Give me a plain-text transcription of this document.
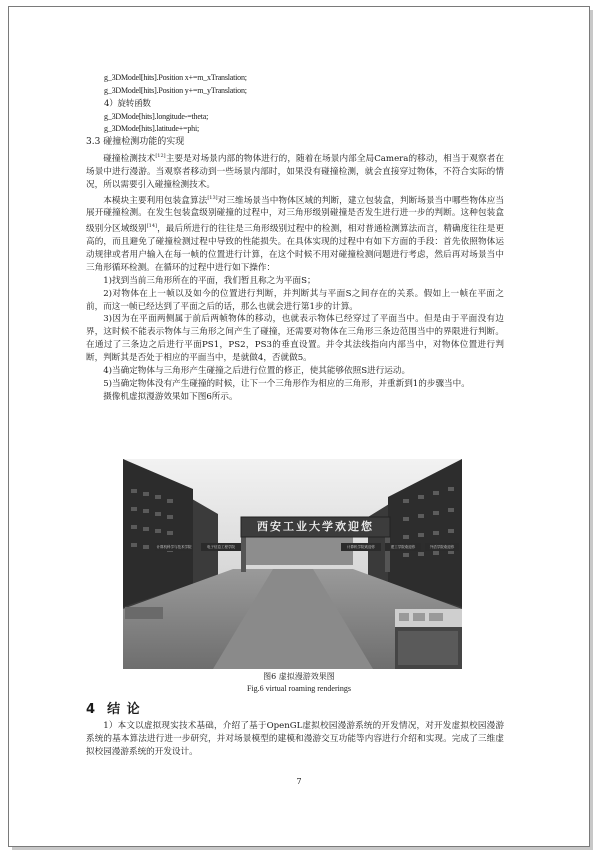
g_3DModel[hits].Position x+=m_xTranslation;
g_3DModel[hits].Position y+=m_yTranslation;
4）旋转函数
g_3DMode[hits].longitude-=theta;
g_3DMode[hits].latitude+=phi;
3.3 碰撞检测功能的实现

碰撞检测技术[12]主要是对场景内部的物体进行的，随着在场景内部全局Camera的移动，相当于观察者在场景中进行漫游。当观察者移动到一些场景内部时，如果没有碰撞检测，就会直接穿过物体，不符合实际的情况，所以需要引入碰撞检测技术。

本模块主要利用包装盒算法[13]对三维场景当中物体区域的判断，建立包装盒，判断场景当中哪些物体应当展开碰撞检测。在发生包装盒级别碰撞的过程中，对三角形级别碰撞是否发生进行进一步的判断。这种包装盒级别分区域级别[14]，最后所进行的往往是三角形级别过程中的检测，相对普通检测算法而言，精确度往往是更高的，而且避免了碰撞检测过程中导致的性能损失。在具体实现的过程中有如下方面的手段：首先依照物体运动规律或者用户输入在每一帧的位置进行计算，在这个时候不用对碰撞检测问题进行考虑，然后再对场景当中三角形循环检测。在循环的过程中进行如下操作：

1)找到当前三角形所在的平面，我们暂且称之为平面S；

2)对物体在上一帧以及如今的位置进行判断，并判断其与平面S之间存在的关系。假如上一帧在平面之前，而这一帧已经达到了平面之后的话，那么也就会进行第1步的计算。

3)因为在平面两侧属于前后两帧物体的移动，也就表示物体已经穿过了平面当中。但是由于平面没有边界，这时候不能表示物体与三角形之间产生了碰撞，还需要对物体在三角形三条边范围当中的界限进行判断。在通过了三条边之后进行平面PS1，PS2，PS3的垂直设置。并令其法线指向内部当中，对物体位置进行判断，判断其是否处于相应的平面当中，是就做4，否就做5。

4)当确定物体与三角形产生碰撞之后进行位置的修正，使其能够依照S进行运动。

5)当确定物体没有产生碰撞的时候，让下一个三角形作为相应的三角形，并重新到1的步骤当中。

摄像机虚拟漫游效果如下图6所示。

西安工业大学欢迎您
计算机科学与技术学院	电子信息工程学院	计算机学院欢迎你	建工学院欢迎你	外语学院欢迎你
图6 虚拟漫游效果图
Fig.6 virtual roaming renderings
4 结 论

1）本文以虚拟现实技术基础，介绍了基于OpenGL虚拟校园漫游系统的开发情况，对开发虚拟校园漫游系统的基本算法进行进一步研究，并对场景模型的建模和漫游交互功能等内容进行介绍和实现。完成了三维虚拟校园漫游系统的开发设计。

7
